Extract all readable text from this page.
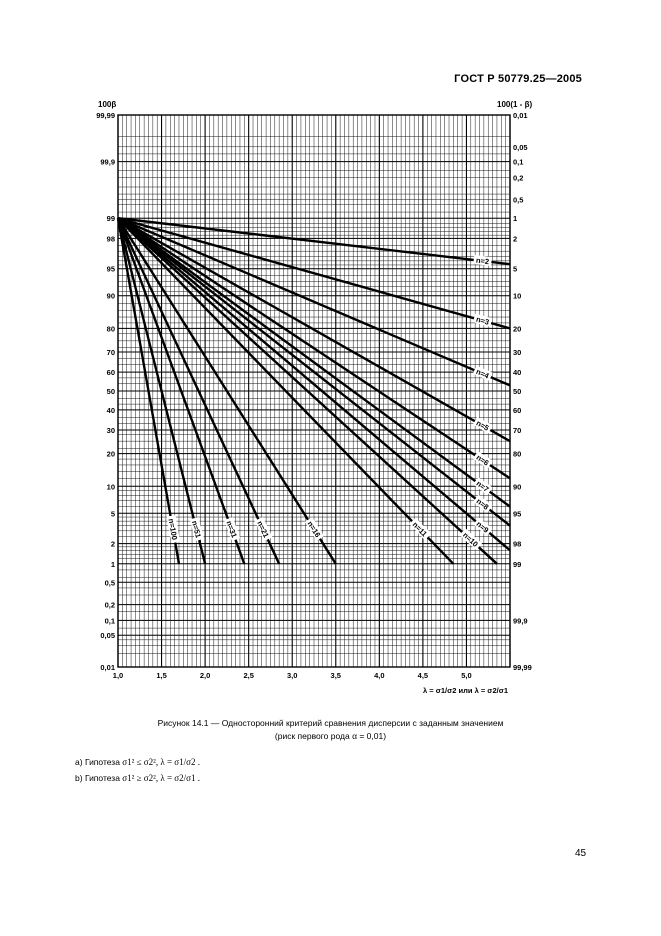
ГОСТ Р 50779.25—2005
100β	100(1 - β)
n=2
n=3
n=4
n=5
n=6
n=7
n=8
n=9
n=10
n=11
n=16
n=21
n=31
n=51
n=100
99,99
99,9
99
98
95
90
80
70
60
50
40
30
20
10
5
2
1
0,5
0,2
0,1
0,05
0,01
0,01
0,05
0,1
0,2
0,5
1
2
5
10
20
30
40
50
60
70
80
90
95
98
99
99,9
99,99
1,0	1,5	2,0	2,5	3,0	3,5	4,0	4,5	5,0
λ = σ1/σ2 или λ = σ2/σ1
Рисунок 14.1 — Односторонний критерий сравнения дисперсии с заданным значением
(риск первого рода α = 0,01)
а) Гипотеза σ1² ≤ σ2², λ = σ1/σ2 .
b) Гипотеза σ1² ≥ σ2², λ = σ2/σ1 .
45
